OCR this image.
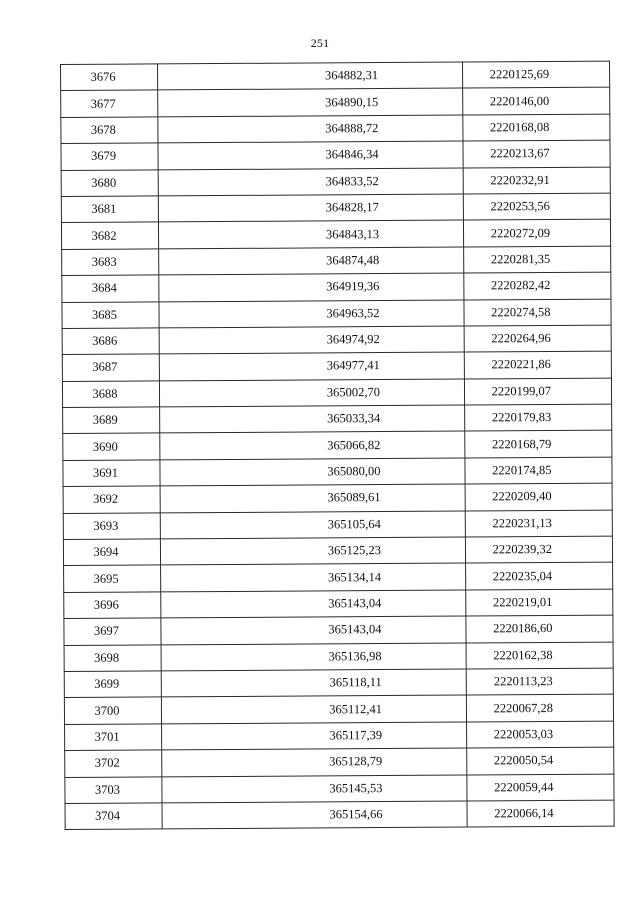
251
3676	364882,31	2220125,69
3677	364890,15	2220146,00
3678	364888,72	2220168,08
3679	364846,34	2220213,67
3680	364833,52	2220232,91
3681	364828,17	2220253,56
3682	364843,13	2220272,09
3683	364874,48	2220281,35
3684	364919,36	2220282,42
3685	364963,52	2220274,58
3686	364974,92	2220264,96
3687	364977,41	2220221,86
3688	365002,70	2220199,07
3689	365033,34	2220179,83
3690	365066,82	2220168,79
3691	365080,00	2220174,85
3692	365089,61	2220209,40
3693	365105,64	2220231,13
3694	365125,23	2220239,32
3695	365134,14	2220235,04
3696	365143,04	2220219,01
3697	365143,04	2220186,60
3698	365136,98	2220162,38
3699	365118,11	2220113,23
3700	365112,41	2220067,28
3701	365117,39	2220053,03
3702	365128,79	2220050,54
3703	365145,53	2220059,44
3704	365154,66	2220066,14
